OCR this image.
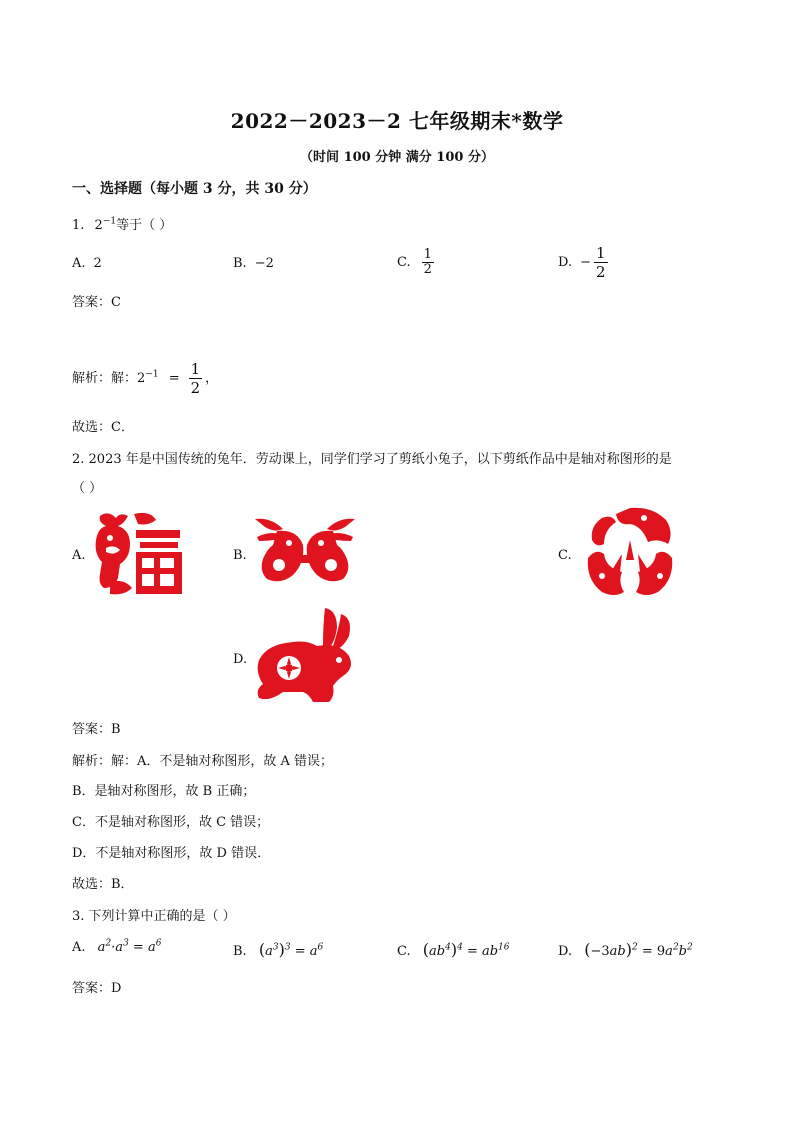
2022－2023－2 七年级期末*数学
（时间 100 分钟 满分 100 分）
一、选择题（每小题 3 分，共 30 分）
1. $2^{-1}$等于（ ）
A. 2	B. −2	C. $\frac{1}{2}$	D. − $\frac{1}{2}$
答案：C
解析：解：$2^{-1} = \frac{1}{2}$ ，
故选：C．
2. 2023 年是中国传统的兔年．劳动课上，同学们学习了剪纸小兔子，以下剪纸作品中是轴对称图形的是
（ ）
A.	B.	C.
D.
答案：B
解析：解：A．不是轴对称图形，故 A 错误；
B．是轴对称图形，故 B 正确；
C．不是轴对称图形，故 C 错误；
D．不是轴对称图形，故 D 错误．
故选：B．
3. 下列计算中正确的是（ ）
A. $a^2\cdot a^3 = a^6$
B. $(a^3)^3 = a^6$	C. $(ab^4)^4 = ab^{16}$	D. $(-3ab)^2 = 9a^2b^2$
答案：D
